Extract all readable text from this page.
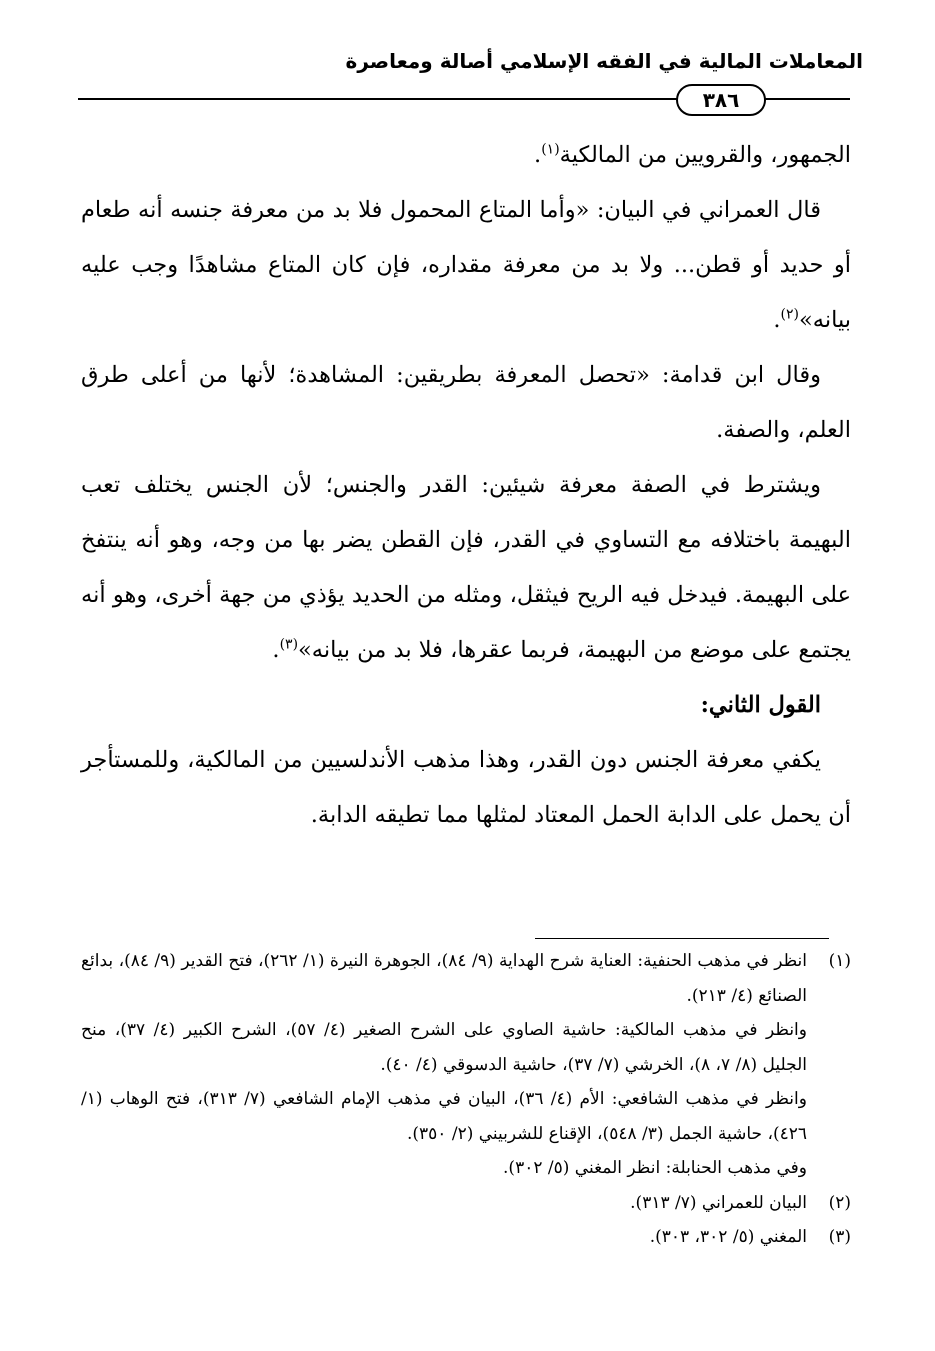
المعاملات المالية في الفقه الإسلامي أصالة ومعاصرة
٣٨٦

الجمهور، والقرويين من المالكية$^{(١)}$.

قال العمراني في البيان: «وأما المتاع المحمول فلا بد من معرفة جنسه أنه طعام أو حديد أو قطن... ولا بد من معرفة مقداره، فإن كان المتاع مشاهدًا وجب عليه بيانه»$^{(٢)}$.

وقال ابن قدامة: «تحصل المعرفة بطريقين: المشاهدة؛ لأنها من أعلى طرق العلم، والصفة.

ويشترط في الصفة معرفة شيئين: القدر والجنس؛ لأن الجنس يختلف تعب البهيمة باختلافه مع التساوي في القدر، فإن القطن يضر بها من وجه، وهو أنه ينتفخ على البهيمة. فيدخل فيه الريح فيثقل، ومثله من الحديد يؤذي من جهة أخرى، وهو أنه يجتمع على موضع من البهيمة، فربما عقرها، فلا بد من بيانه»$^{(٣)}$.

القول الثاني:

يكفي معرفة الجنس دون القدر، وهذا مذهب الأندلسيين من المالكية، وللمستأجر أن يحمل على الدابة الحمل المعتاد لمثلها مما تطيقه الدابة.

(١)

انظر في مذهب الحنفية: العناية شرح الهداية (٩/ ٨٤)، الجوهرة النيرة (١/ ٢٦٢)، فتح القدير (٩/ ٨٤)، بدائع الصنائع (٤/ ٢١٣).

وانظر في مذهب المالكية: حاشية الصاوي على الشرح الصغير (٤/ ٥٧)، الشرح الكبير (٤/ ٣٧)، منح الجليل (٨/ ٧، ٨)، الخرشي (٧/ ٣٧)، حاشية الدسوقي (٤/ ٤٠).

وانظر في مذهب الشافعي: الأم (٤/ ٣٦)، البيان في مذهب الإمام الشافعي (٧/ ٣١٣)، فتح الوهاب (١/ ٤٢٦)، حاشية الجمل (٣/ ٥٤٨)، الإقناع للشربيني (٢/ ٣٥٠).

وفي مذهب الحنابلة: انظر المغني (٥/ ٣٠٢).

(٢)
البيان للعمراني (٧/ ٣١٣).
(٣)
المغني (٥/ ٣٠٢، ٣٠٣).
